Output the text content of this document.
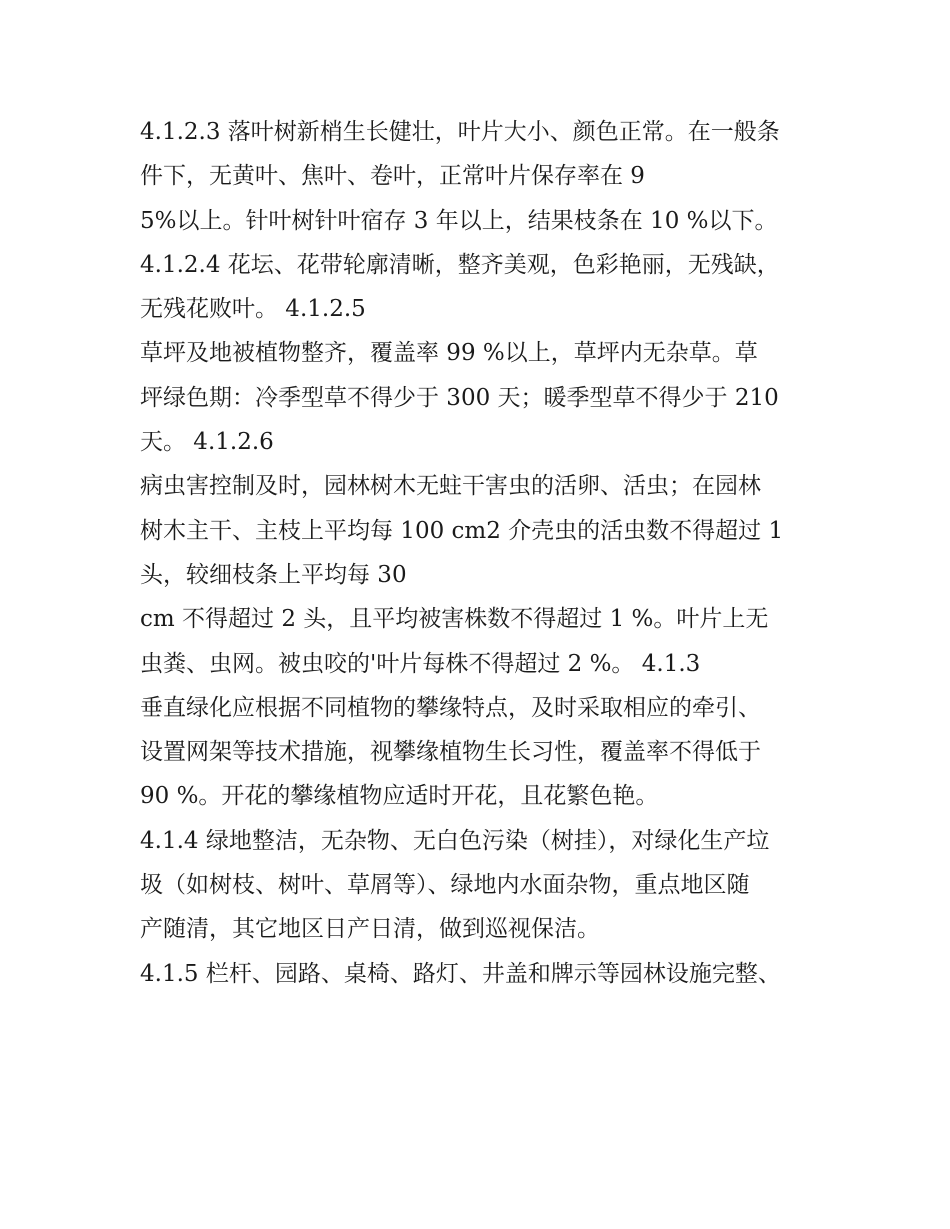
4.1.2.3 落叶树新梢生长健壮，叶片大小、颜色正常。在一般条
件下，无黄叶、焦叶、卷叶，正常叶片保存率在 9
5%以上。针叶树针叶宿存 3 年以上，结果枝条在 10 %以下。
4.1.2.4 花坛、花带轮廓清晰，整齐美观，色彩艳丽，无残缺，
无残花败叶。 4.1.2.5
草坪及地被植物整齐，覆盖率 99 %以上，草坪内无杂草。草
坪绿色期：冷季型草不得少于 300 天；暖季型草不得少于 210
天。 4.1.2.6
病虫害控制及时，园林树木无蛀干害虫的活卵、活虫；在园林
树木主干、主枝上平均每 100 cm2 介壳虫的活虫数不得超过 1
头，较细枝条上平均每 30
cm 不得超过 2 头，且平均被害株数不得超过 1 %。叶片上无
虫粪、虫网。被虫咬的'叶片每株不得超过 2 %。 4.1.3
垂直绿化应根据不同植物的攀缘特点，及时采取相应的牵引、
设置网架等技术措施，视攀缘植物生长习性，覆盖率不得低于
90 %。开花的攀缘植物应适时开花，且花繁色艳。
4.1.4 绿地整洁，无杂物、无白色污染（树挂），对绿化生产垃
圾（如树枝、树叶、草屑等）、绿地内水面杂物，重点地区随
产随清，其它地区日产日清，做到巡视保洁。
4.1.5 栏杆、园路、桌椅、路灯、井盖和牌示等园林设施完整、
